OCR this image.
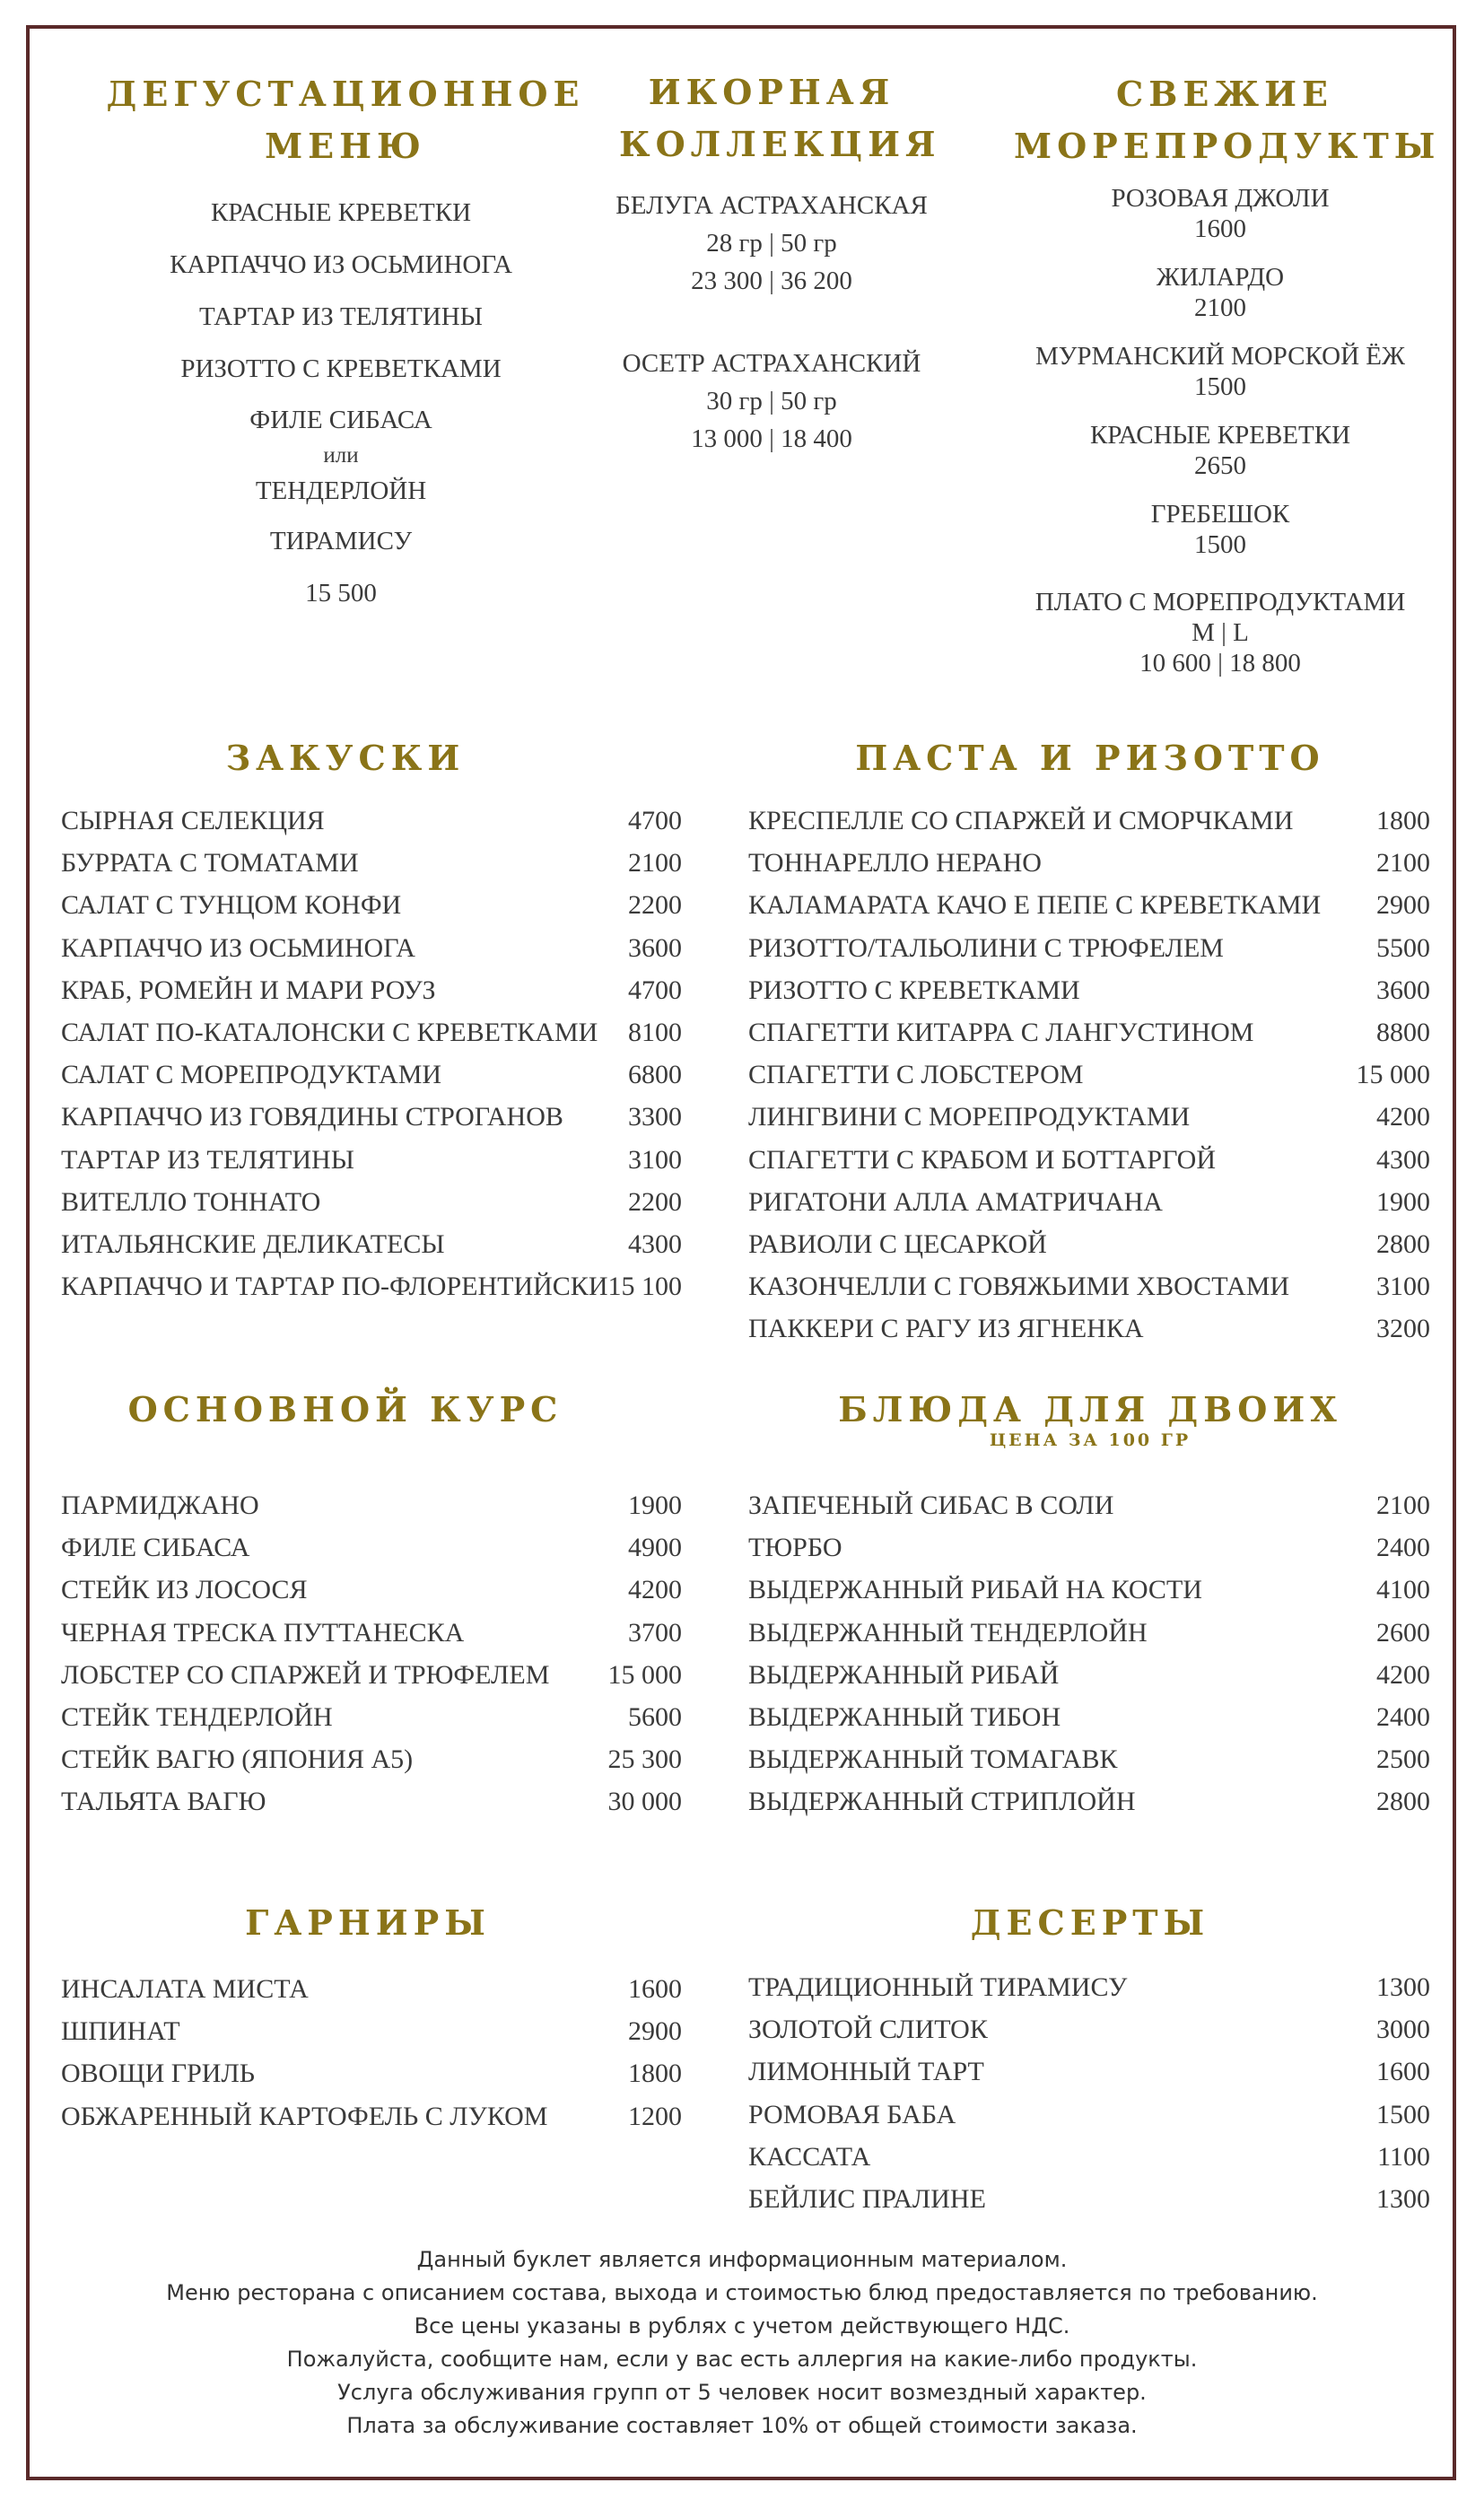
ДЕГУСТАЦИОННОЕ МЕНЮ
КРАСНЫЕ КРЕВЕТКИ
КАРПАЧЧО ИЗ ОСЬМИНОГА
ТАРТАР ИЗ ТЕЛЯТИНЫ
РИЗОТТО С КРЕВЕТКАМИ
ФИЛЕ СИБАСА
или
ТЕНДЕРЛОЙН
ТИРАМИСУ
15 500
ИКОРНАЯ КОЛЛЕКЦИЯ
БЕЛУГА АСТРАХАНСКАЯ
28 гр | 50 гр
23 300 | 36 200
ОСЕТР АСТРАХАНСКИЙ
30 гр | 50 гр
13 000 | 18 400
СВЕЖИЕ МОРЕПРОДУКТЫ
РОЗОВАЯ ДЖОЛИ
1600
ЖИЛАРДО
2100
МУРМАНСКИЙ МОРСКОЙ ЁЖ
1500
КРАСНЫЕ КРЕВЕТКИ
2650
ГРЕБЕШОК
1500
ПЛАТО С МОРЕПРОДУКТАМИ
M | L
10 600 | 18 800
ЗАКУСКИ	ПАСТА И РИЗОТТО
ОСНОВНОЙ КУРС	БЛЮДА ДЛЯ ДВОИХ
ЦЕНА ЗА 100 ГР
ГАРНИРЫ	ДЕСЕРТЫ
СЫРНАЯ СЕЛЕКЦИЯ	4700
БУРРАТА С ТОМАТАМИ	2100
САЛАТ С ТУНЦОМ КОНФИ	2200
КАРПАЧЧО ИЗ ОСЬМИНОГА	3600
КРАБ, РОМЕЙН И МАРИ РОУЗ	4700
САЛАТ ПО-КАТАЛОНСКИ С КРЕВЕТКАМИ 8100
САЛАТ С МОРЕПРОДУКТАМИ	6800
КАРПАЧЧО ИЗ ГОВЯДИНЫ СТРОГАНОВ 3300
ТАРТАР ИЗ ТЕЛЯТИНЫ	3100
ВИТЕЛЛО ТОННАТО	2200
ИТАЛЬЯНСКИЕ ДЕЛИКАТЕСЫ	4300
КАРПАЧЧО И ТАРТАР ПО-ФЛОРЕНТИЙСКИ 15 100
КРЕСПЕЛЛЕ СО СПАРЖЕЙ И СМОРЧКАМИ	1800
ТОННАРЕЛЛО НЕРАНО	2100
КАЛАМАРАТА КАЧО Е ПЕПЕ С КРЕВЕТКАМИ 2900
РИЗОТТО/ТАЛЬОЛИНИ С ТРЮФЕЛЕМ	5500
РИЗОТТО С КРЕВЕТКАМИ	3600
СПАГЕТТИ КИТАРРА С ЛАНГУСТИНОМ	8800
СПАГЕТТИ С ЛОБСТЕРОМ	15 000
ЛИНГВИНИ С МОРЕПРОДУКТАМИ	4200
СПАГЕТТИ С КРАБОМ И БОТТАРГОЙ	4300
РИГАТОНИ АЛЛА АМАТРИЧАНА	1900
РАВИОЛИ С ЦЕСАРКОЙ	2800
КАЗОНЧЕЛЛИ С ГОВЯЖЬИМИ ХВОСТАМИ	3100
ПАККЕРИ С РАГУ ИЗ ЯГНЕНКА	3200
ПАРМИДЖАНО	1900
ФИЛЕ СИБАСА	4900
СТЕЙК ИЗ ЛОСОСЯ	4200
ЧЕРНАЯ ТРЕСКА ПУТТАНЕСКА	3700
ЛОБСТЕР СО СПАРЖЕЙ И ТРЮФЕЛЕМ 15 000
СТЕЙК ТЕНДЕРЛОЙН	5600
СТЕЙК ВАГЮ (ЯПОНИЯ А5)	25 300
ТАЛЬЯТА ВАГЮ	30 000
ЗАПЕЧЕНЫЙ СИБАС В СОЛИ	2100
ТЮРБО	2400
ВЫДЕРЖАННЫЙ РИБАЙ НА КОСТИ	4100
ВЫДЕРЖАННЫЙ ТЕНДЕРЛОЙН	2600
ВЫДЕРЖАННЫЙ РИБАЙ	4200
ВЫДЕРЖАННЫЙ ТИБОН	2400
ВЫДЕРЖАННЫЙ ТОМАГАВК	2500
ВЫДЕРЖАННЫЙ СТРИПЛОЙН	2800
ИНСАЛАТА МИСТА	1600
ШПИНАТ	2900
ОВОЩИ ГРИЛЬ	1800
ОБЖАРЕННЫЙ КАРТОФЕЛЬ С ЛУКОМ	1200
ТРАДИЦИОННЫЙ ТИРАМИСУ	1300
ЗОЛОТОЙ СЛИТОК	3000
ЛИМОННЫЙ ТАРТ	1600
РОМОВАЯ БАБА	1500
КАССАТА	1100
БЕЙЛИС ПРАЛИНЕ	1300
Данный буклет является информационным материалом.
Меню ресторана с описанием состава, выхода и стоимостью блюд предоставляется по требованию.
Все цены указаны в рублях с учетом действующего НДС.
Пожалуйста, сообщите нам, если у вас есть аллергия на какие-либо продукты.
Услуга обслуживания групп от 5 человек носит возмездный характер.
Плата за обслуживание составляет 10% от общей стоимости заказа.
